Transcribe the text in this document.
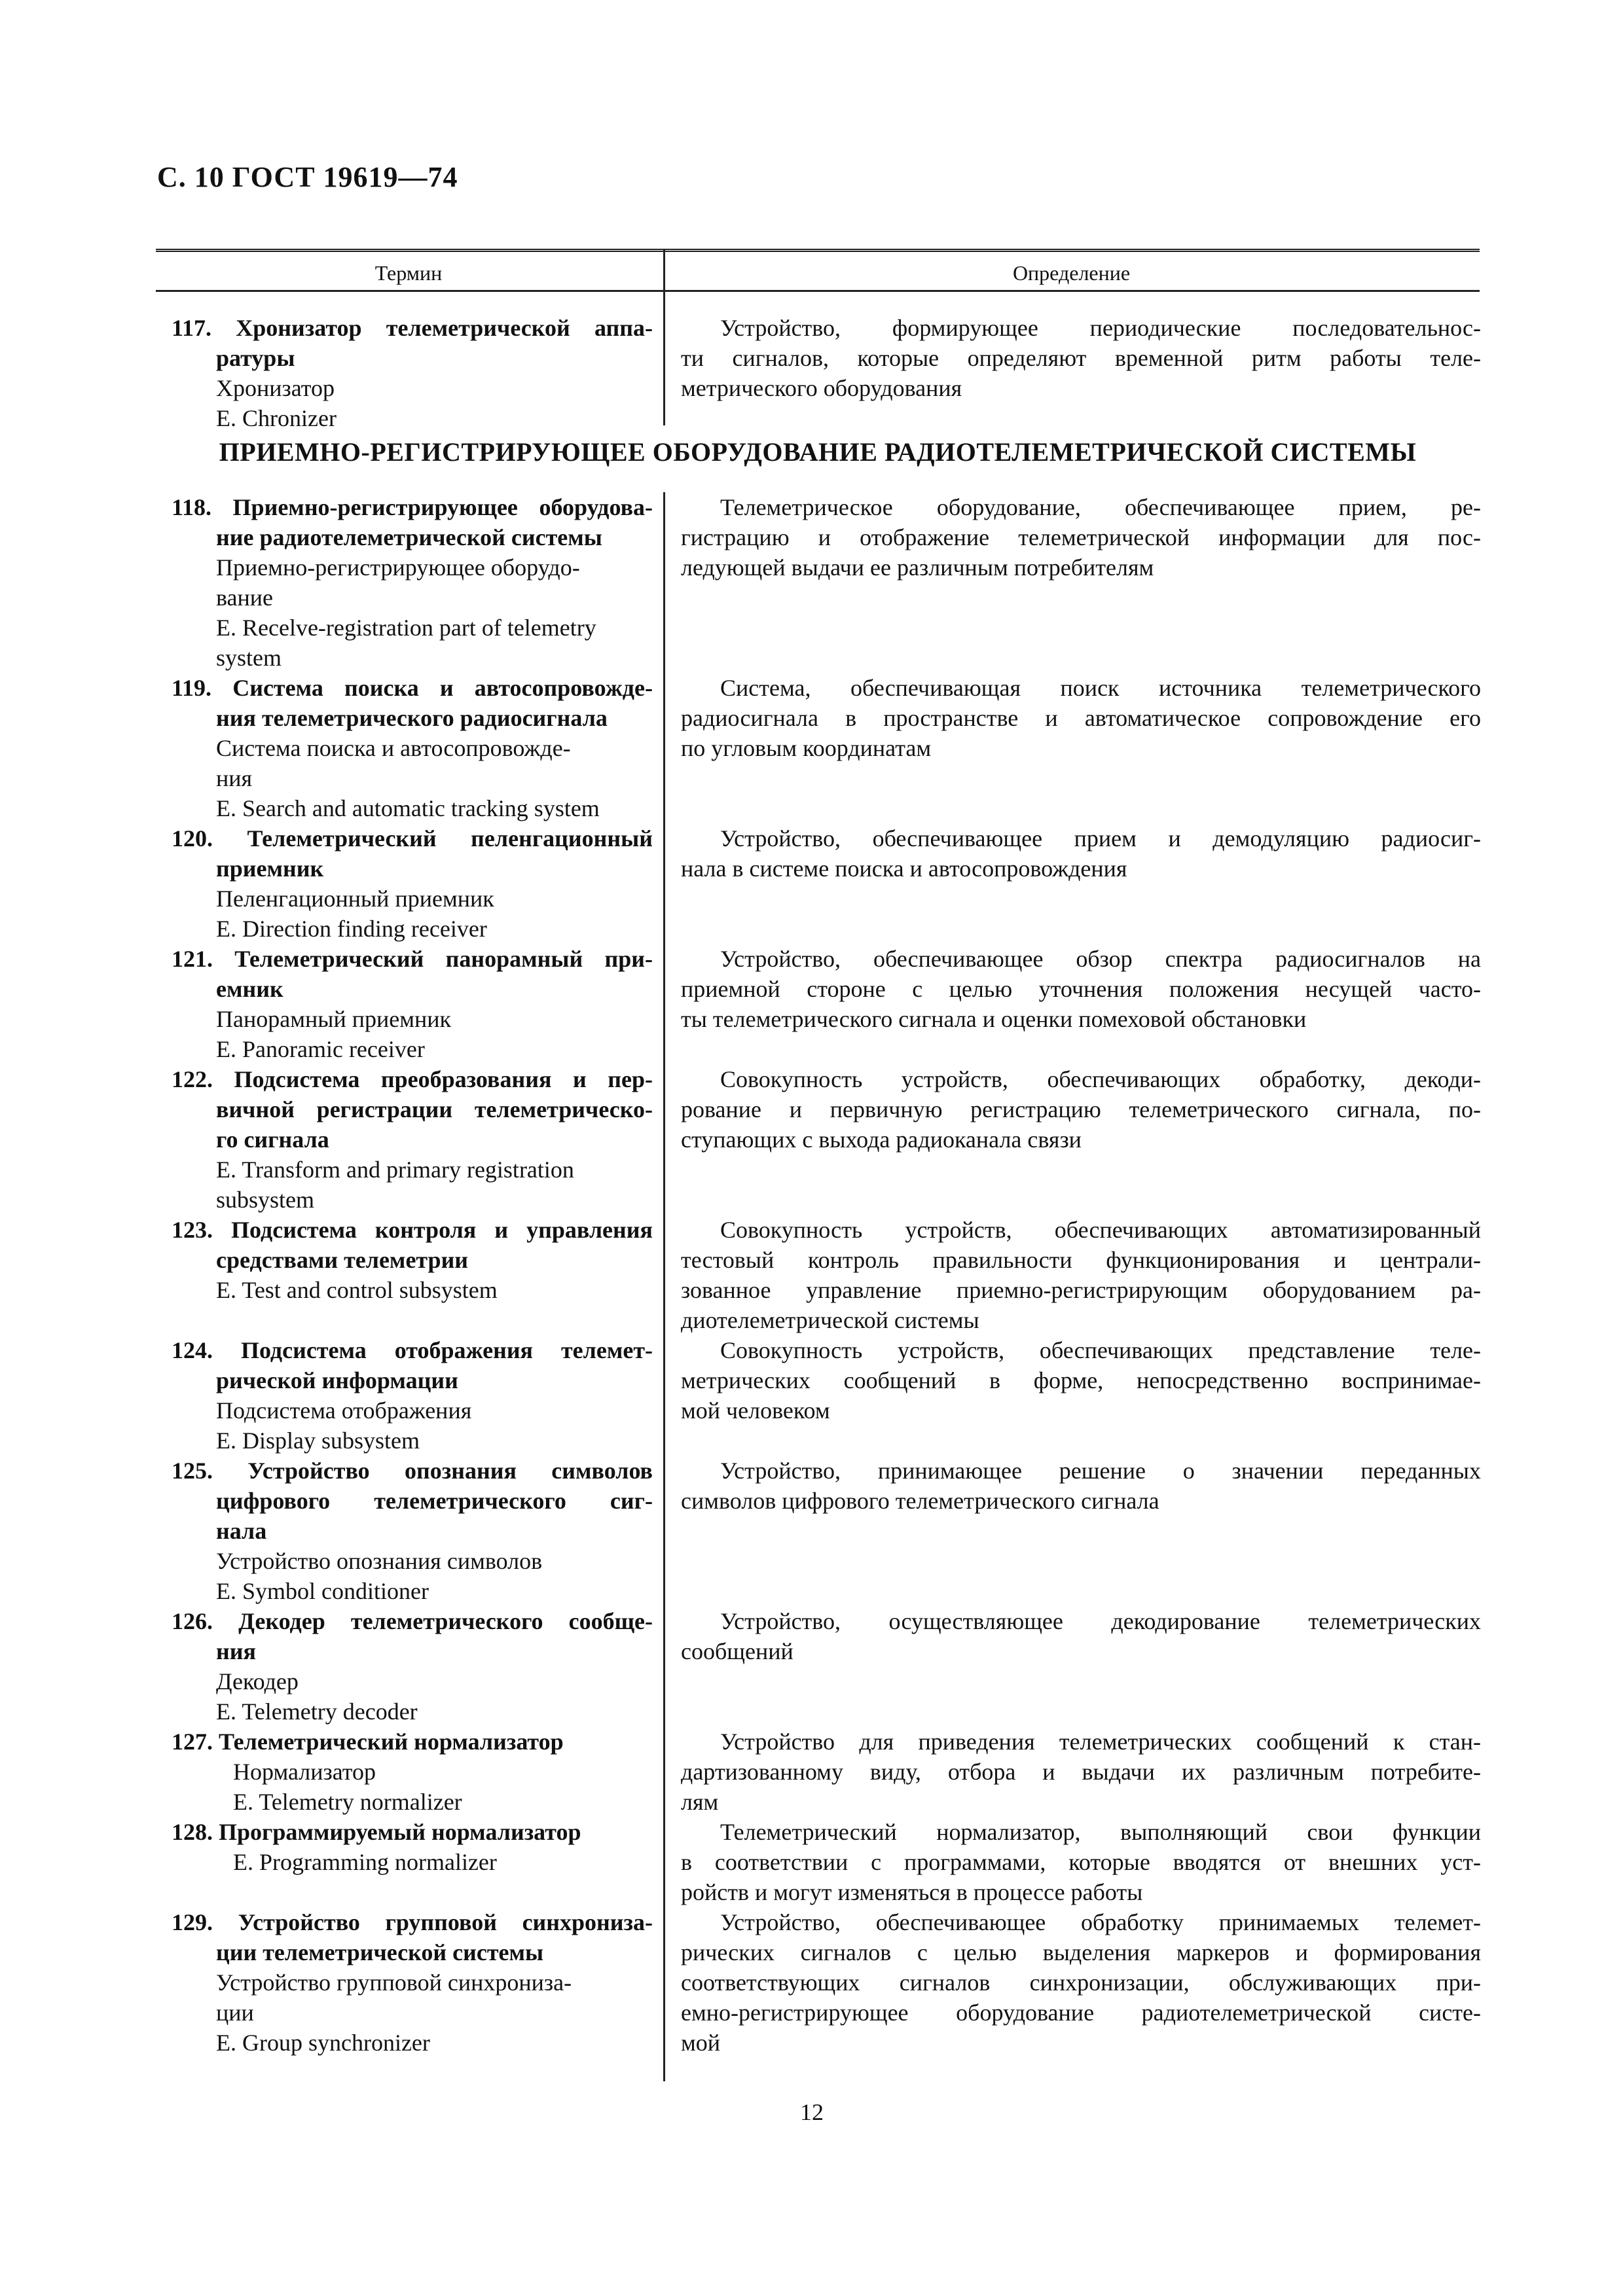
С. 10 ГОСТ 19619—74
Термин	Определение
117. Хронизатор телеметрической аппа-
ратуры
Хронизатор
E. Chronizer
Устройство, формирующее периодические последовательнос-
ти сигналов, которые определяют временной ритм работы теле-
метрического оборудования
ПРИЕМНО-РЕГИСТРИРУЮЩЕЕ ОБОРУДОВАНИЕ РАДИОТЕЛЕМЕТРИЧЕСКОЙ СИСТЕМЫ
118. Приемно-регистрирующее оборудова-
ние радиотелеметрической системы
Приемно-регистрирующее оборудо-
вание
E. Recelve-registration part of telemetry
system
Телеметрическое оборудование, обеспечивающее прием, ре-
гистрацию и отображение телеметрической информации для пос-
ледующей выдачи ее различным потребителям
119. Система поиска и автосопровожде-
ния телеметрического радиосигнала
Система поиска и автосопровожде-
ния
E. Search and automatic tracking system
Система, обеспечивающая поиск источника телеметрического
радиосигнала в пространстве и автоматическое сопровождение его
по угловым координатам
120. Телеметрический пеленгационный
приемник
Пеленгационный приемник
E. Direction finding receiver
Устройство, обеспечивающее прием и демодуляцию радиосиг-
нала в системе поиска и автосопровождения
121. Телеметрический панорамный при-
емник
Панорамный приемник
E. Panoramic receiver
Устройство, обеспечивающее обзор спектра радиосигналов на
приемной стороне с целью уточнения положения несущей часто-
ты телеметрического сигнала и оценки помеховой обстановки
122. Подсистема преобразования и пер-
вичной регистрации телеметрическо-
го сигнала
E. Transform and primary registration
subsystem
Совокупность устройств, обеспечивающих обработку, декоди-
рование и первичную регистрацию телеметрического сигнала, по-
ступающих с выхода радиоканала связи
123. Подсистема контроля и управления
средствами телеметрии
E. Test and control subsystem
Совокупность устройств, обеспечивающих автоматизированный
тестовый контроль правильности функционирования и централи-
зованное управление приемно-регистрирующим оборудованием ра-
диотелеметрической системы
124. Подсистема отображения телемет-
рической информации
Подсистема отображения
E. Display subsystem
Совокупность устройств, обеспечивающих представление теле-
метрических сообщений в форме, непосредственно воспринимае-
мой человеком
125. Устройство опознания символов
цифрового телеметрического сиг-
нала
Устройство опознания символов
E. Symbol conditioner
Устройство, принимающее решение о значении переданных
символов цифрового телеметрического сигнала
126. Декодер телеметрического сообще-
ния
Декодер
E. Telemetry decoder
Устройство, осуществляющее декодирование телеметрических
сообщений
127. Телеметрический нормализатор
Нормализатор
E. Telemetry normalizer
Устройство для приведения телеметрических сообщений к стан-
дартизованному виду, отбора и выдачи их различным потребите-
лям
128. Программируемый нормализатор
E. Programming normalizer
Телеметрический нормализатор, выполняющий свои функции
в соответствии с программами, которые вводятся от внешних уст-
ройств и могут изменяться в процессе работы
129. Устройство групповой синхрониза-
ции телеметрической системы
Устройство групповой синхрониза-
ции
E. Group synchronizer
Устройство, обеспечивающее обработку принимаемых телемет-
рических сигналов с целью выделения маркеров и формирования
соответствующих сигналов синхронизации, обслуживающих при-
емно-регистрирующее оборудование радиотелеметрической систе-
мой
12
